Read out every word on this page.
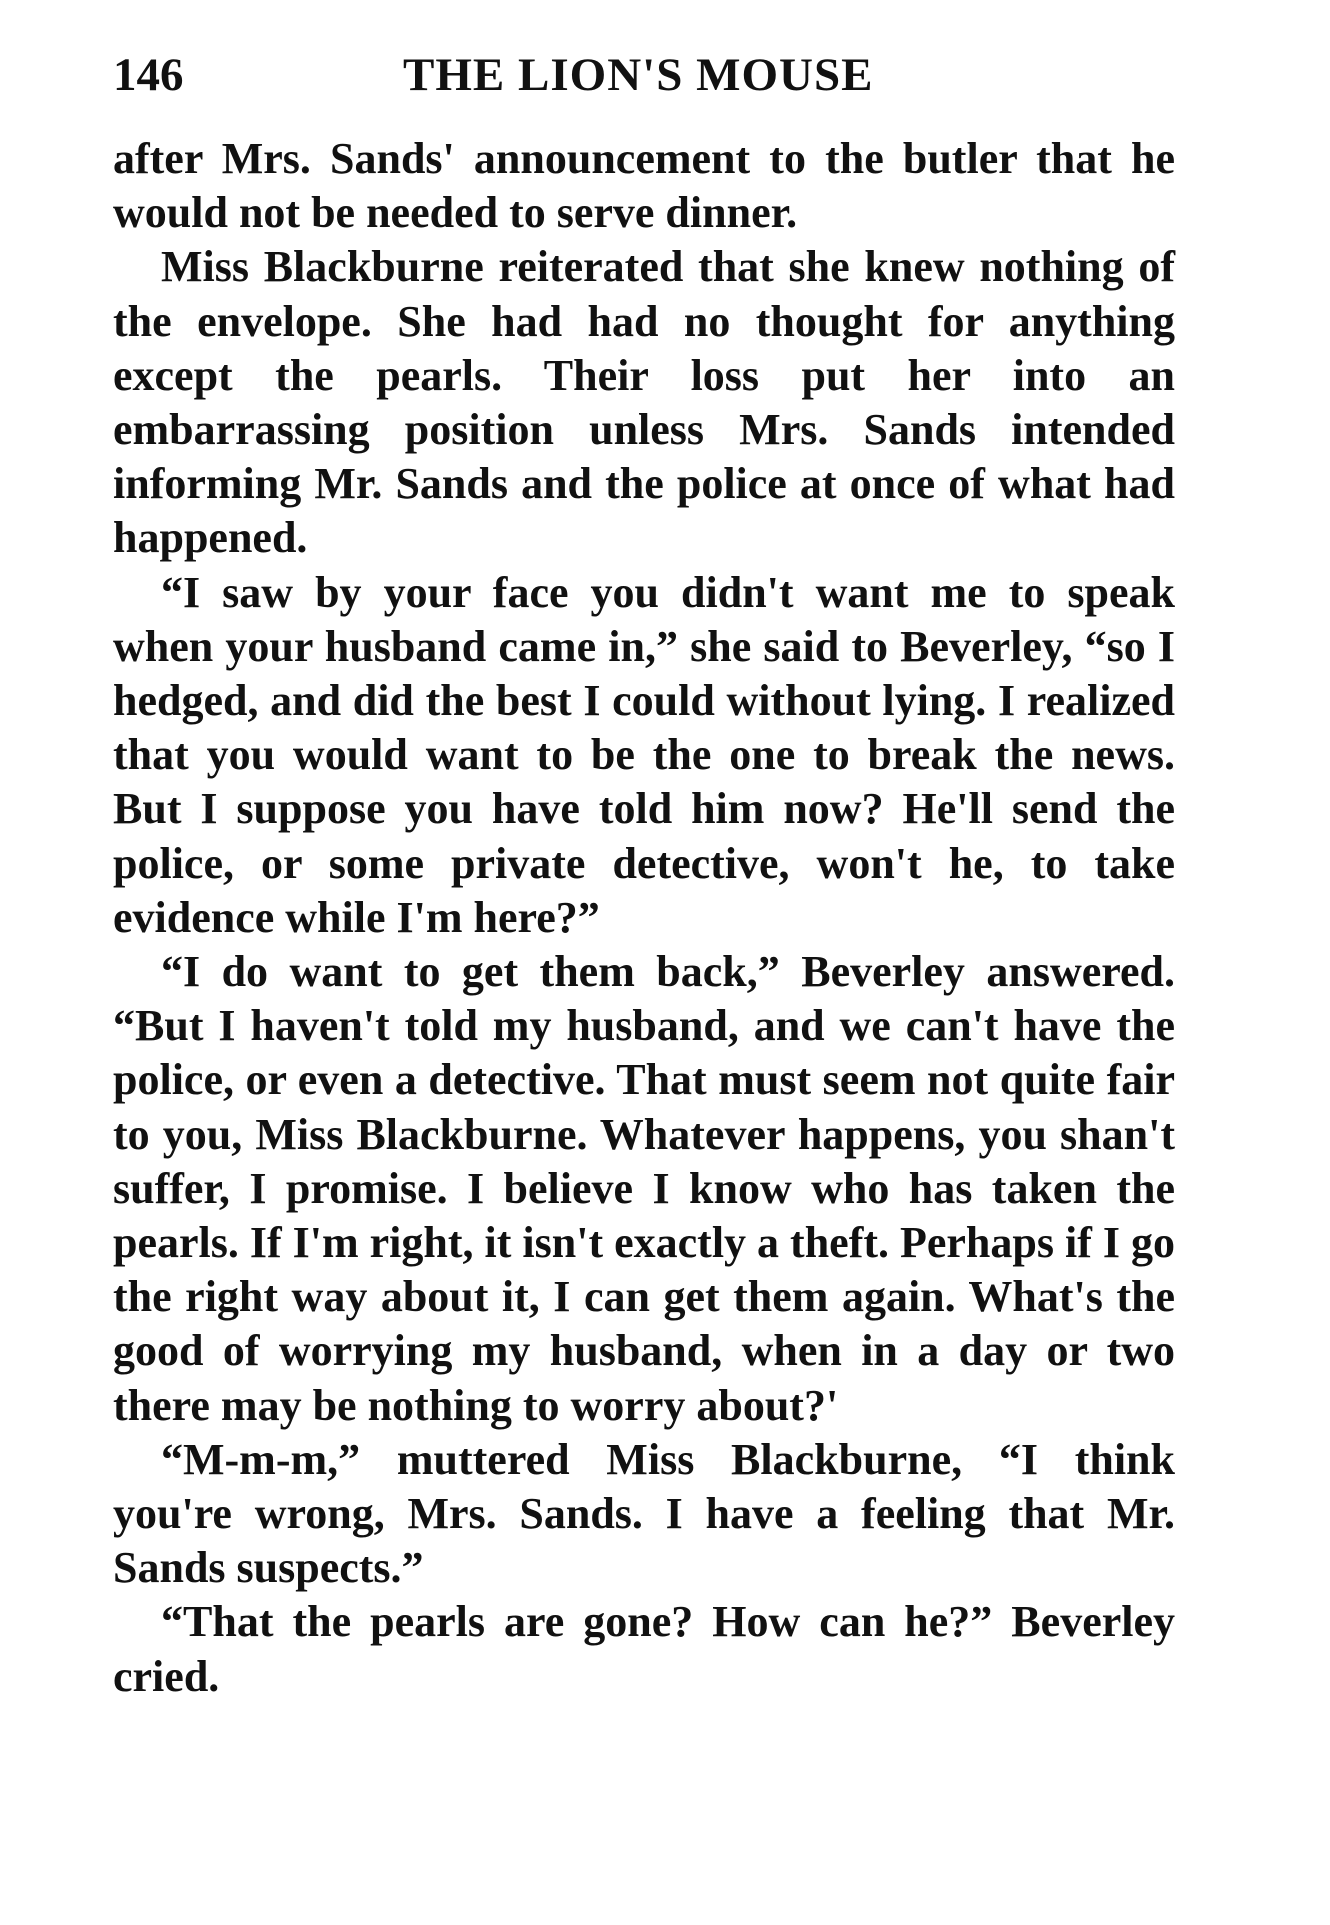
146	THE LION'S MOUSE

after Mrs. Sands' announcement to the butler that he would not be needed to serve dinner.

Miss Blackburne reiterated that she knew nothing of the envelope. She had had no thought for anything except the pearls. Their loss put her into an embarrassing position unless Mrs. Sands intended informing Mr. Sands and the police at once of what had happened.

“I saw by your face you didn't want me to speak when your husband came in,” she said to Beverley, “so I hedged, and did the best I could without lying. I realized that you would want to be the one to break the news. But I suppose you have told him now? He'll send the police, or some private detective, won't he, to take evidence while I'm here?”

“I do want to get them back,” Beverley answered. “But I haven't told my husband, and we can't have the police, or even a detective. That must seem not quite fair to you, Miss Blackburne. Whatever happens, you shan't suffer, I promise. I believe I know who has taken the pearls. If I'm right, it isn't exactly a theft. Perhaps if I go the right way about it, I can get them again. What's the good of worrying my husband, when in a day or two there may be nothing to worry about?'

“M-m-m,” muttered Miss Blackburne, “I think you're wrong, Mrs. Sands. I have a feeling that Mr. Sands suspects.”

“That the pearls are gone? How can he?” Beverley cried.
